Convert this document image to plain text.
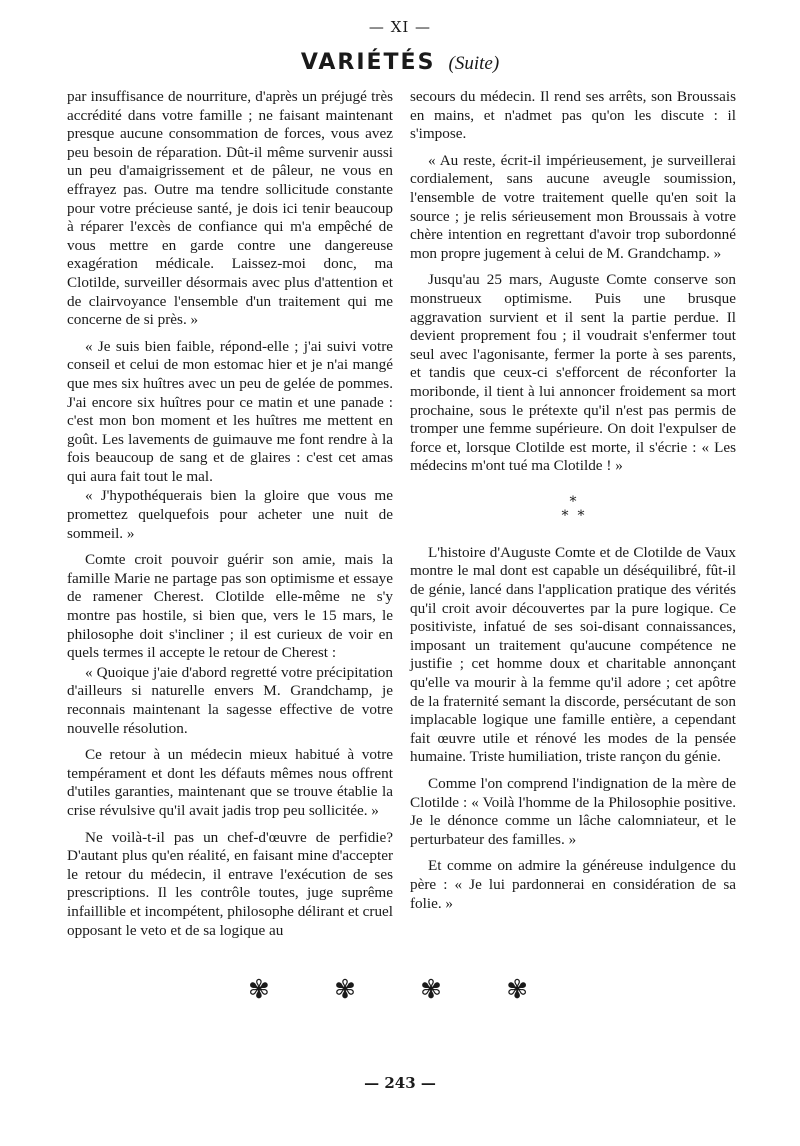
— XI —
VARIÉTÉS (Suite)

par insuffisance de nourriture, d'après un préjugé très accrédité dans votre famille ; ne faisant maintenant presque aucune consommation de forces, vous avez peu besoin de réparation. Dût-il même survenir aussi un peu d'amaigrissement et de pâleur, ne vous en effrayez pas. Outre ma tendre sollicitude constante pour votre précieuse santé, je dois ici tenir beaucoup à réparer l'excès de confiance qui m'a empêché de vous mettre en garde contre une dangereuse exagération médicale. Laissez-moi donc, ma Clotilde, surveiller désormais avec plus d'attention et de clairvoyance l'ensemble d'un traitement qui me concerne de si près. »

« Je suis bien faible, répond-elle ; j'ai suivi votre conseil et celui de mon estomac hier et je n'ai mangé que mes six huîtres avec un peu de gelée de pommes. J'ai encore six huîtres pour ce matin et une panade : c'est mon bon moment et les huîtres me mettent en goût. Les lavements de guimauve me font rendre à la fois beaucoup de sang et de glaires : c'est cet amas qui aura fait tout le mal.

« J'hypothéquerais bien la gloire que vous me promettez quelquefois pour acheter une nuit de sommeil. »

Comte croit pouvoir guérir son amie, mais la famille Marie ne partage pas son optimisme et essaye de ramener Cherest. Clotilde elle-même ne s'y montre pas hostile, si bien que, vers le 15 mars, le philosophe doit s'incliner ; il est curieux de voir en quels termes il accepte le retour de Cherest :

« Quoique j'aie d'abord regretté votre précipitation d'ailleurs si naturelle envers M. Grandchamp, je reconnais maintenant la sagesse effective de votre nouvelle résolution.

Ce retour à un médecin mieux habitué à votre tempérament et dont les défauts mêmes nous offrent d'utiles garanties, maintenant que se trouve établie la crise révulsive qu'il avait jadis trop peu sollicitée. »

Ne voilà-t-il pas un chef-d'œuvre de perfidie? D'autant plus qu'en réalité, en faisant mine d'accepter le retour du médecin, il entrave l'exécution de ses prescriptions. Il les contrôle toutes, juge suprême infaillible et incompétent, philosophe délirant et cruel opposant le veto et de sa logique au

secours du médecin. Il rend ses arrêts, son Broussais en mains, et n'admet pas qu'on les discute : il s'impose.

« Au reste, écrit-il impérieusement, je surveillerai cordialement, sans aucune aveugle soumission, l'ensemble de votre traitement quelle qu'en soit la source ; je relis sérieusement mon Broussais à votre chère intention en regrettant d'avoir trop subordonné mon propre jugement à celui de M. Grandchamp. »

Jusqu'au 25 mars, Auguste Comte conserve son monstrueux optimisme. Puis une brusque aggravation survient et il sent la partie perdue. Il devient proprement fou ; il voudrait s'enfermer tout seul avec l'agonisante, fermer la porte à ses parents, et tandis que ceux-ci s'efforcent de réconforter la moribonde, il tient à lui annoncer froidement sa mort prochaine, sous le prétexte qu'il n'est pas permis de tromper une femme supérieure. On doit l'expulser de force et, lorsque Clotilde est morte, il s'écrie : « Les médecins m'ont tué ma Clotilde ! »

*
* *

L'histoire d'Auguste Comte et de Clotilde de Vaux montre le mal dont est capable un déséquilibré, fût-il de génie, lancé dans l'application pratique des vérités qu'il croit avoir découvertes par la pure logique. Ce positiviste, infatué de ses soi-disant connaissances, imposant un traitement qu'aucune compétence ne justifie ; cet homme doux et charitable annonçant qu'elle va mourir à la femme qu'il adore ; cet apôtre de la fraternité semant la discorde, persécutant de son implacable logique une famille entière, a cependant fait œuvre utile et rénové les modes de la pensée humaine. Triste humiliation, triste rançon du génie.

Comme l'on comprend l'indignation de la mère de Clotilde : « Voilà l'homme de la Philosophie positive. Je le dénonce comme un lâche calomniateur, et le perturbateur des familles. »

Et comme on admire la généreuse indulgence du père : « Je lui pardonnerai en considération de sa folie. »

✾ ✾ ✾ ✾
— 243 —
